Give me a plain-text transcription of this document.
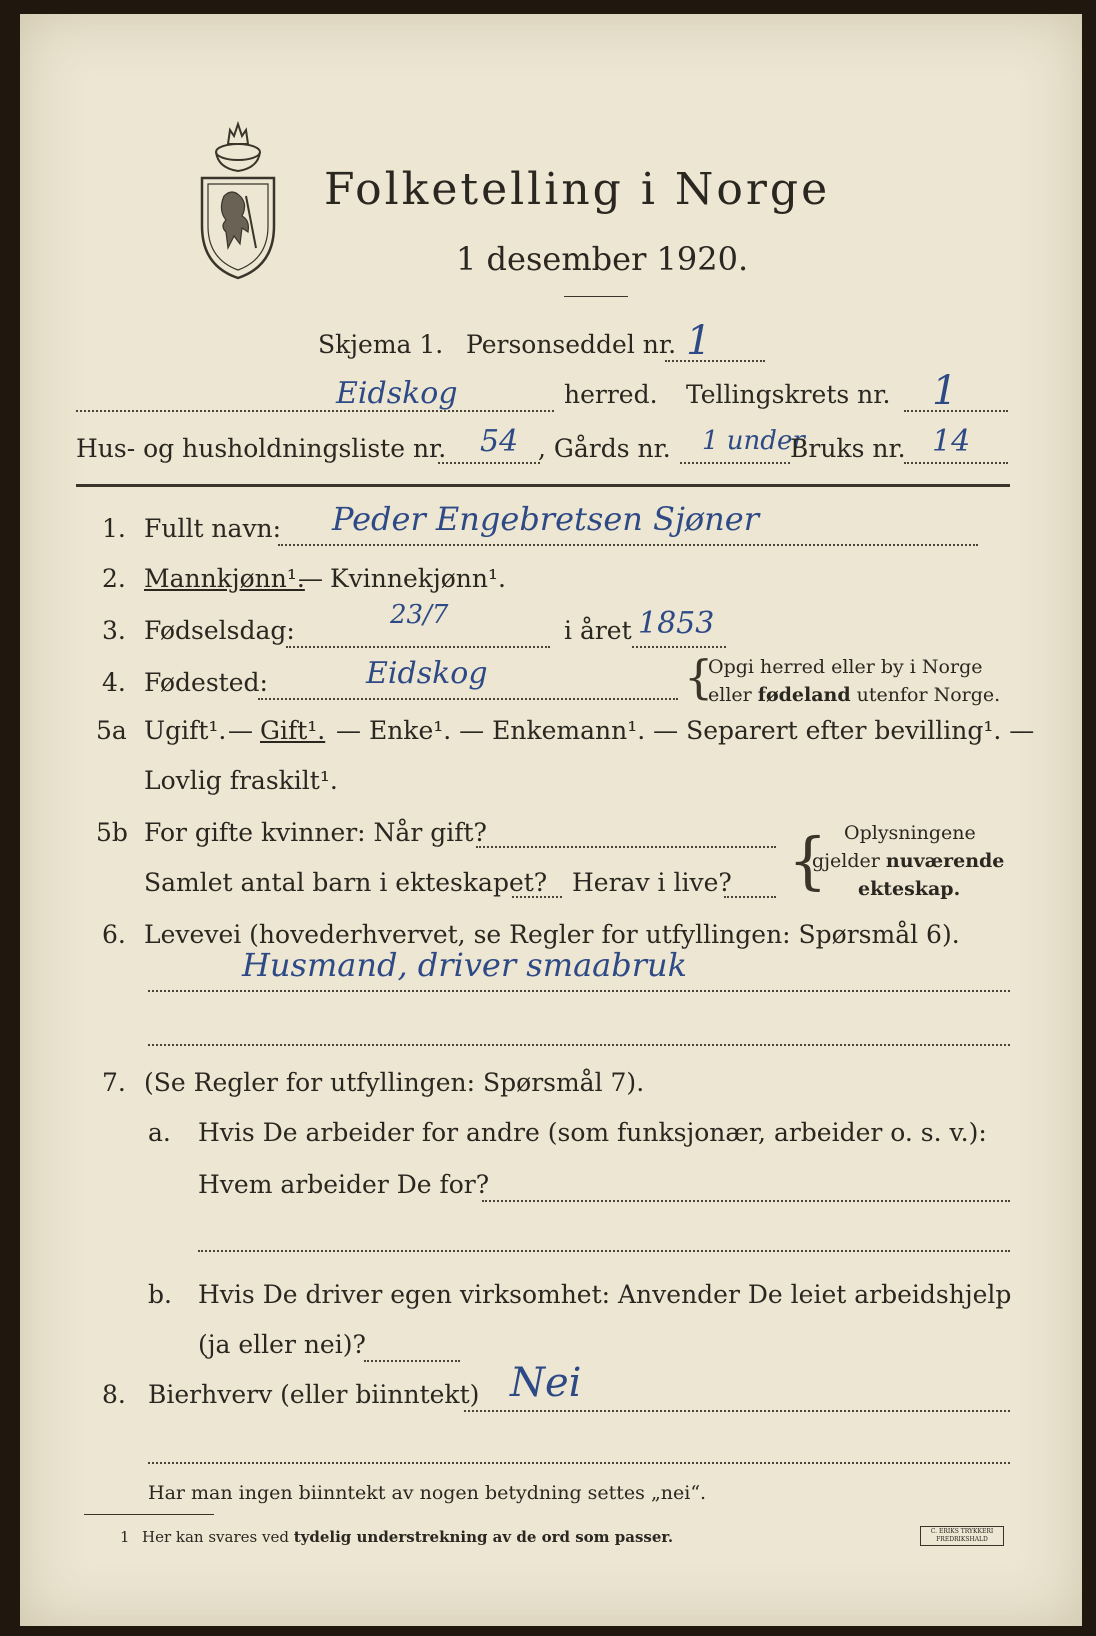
Folketelling i Norge
1 desember 1920.
Skjema 1. Personseddel nr. 1
Eidskog	herred. Tellingskrets nr. 1
Hus- og husholdningsliste nr. 54 , Gårds nr. 1 under
Bruks nr. 14
1. Fullt navn: Peder Engebretsen Sjøner
2. Mannkjønn¹.
— Kvinnekjønn¹.
3. Fødselsdag:
23/7
i året 1853
4. Fødested:	Eidskog	{
Opgi herred eller by i Norge
eller fødeland utenfor Norge.
5a Ugift¹. — Gift¹. — Enke¹. — Enkemann¹. — Separert efter bevilling¹. —
Lovlig fraskilt¹.
5b For gifte kvinner: Når gift?
Samlet antal barn i ekteskapet? Herav i live? { Oplysningene
gjelder nuværende
ekteskap.
6. Levevei (hovederhvervet, se Regler for utfyllingen: Spørsmål 6).
Husmand, driver smaabruk
7. (Se Regler for utfyllingen: Spørsmål 7).
a. Hvis De arbeider for andre (som funksjonær, arbeider o. s. v.):
Hvem arbeider De for?
b. Hvis De driver egen virksomhet: Anvender De leiet arbeidshjelp
(ja eller nei)?
8. Bierhverv (eller biinntekt) Nei
Har man ingen biinntekt av nogen betydning settes „nei“.
1 Her kan svares ved tydelig understrekning av de ord som passer.	C. ERIKS TRYKKERI FREDRIKSHALD
